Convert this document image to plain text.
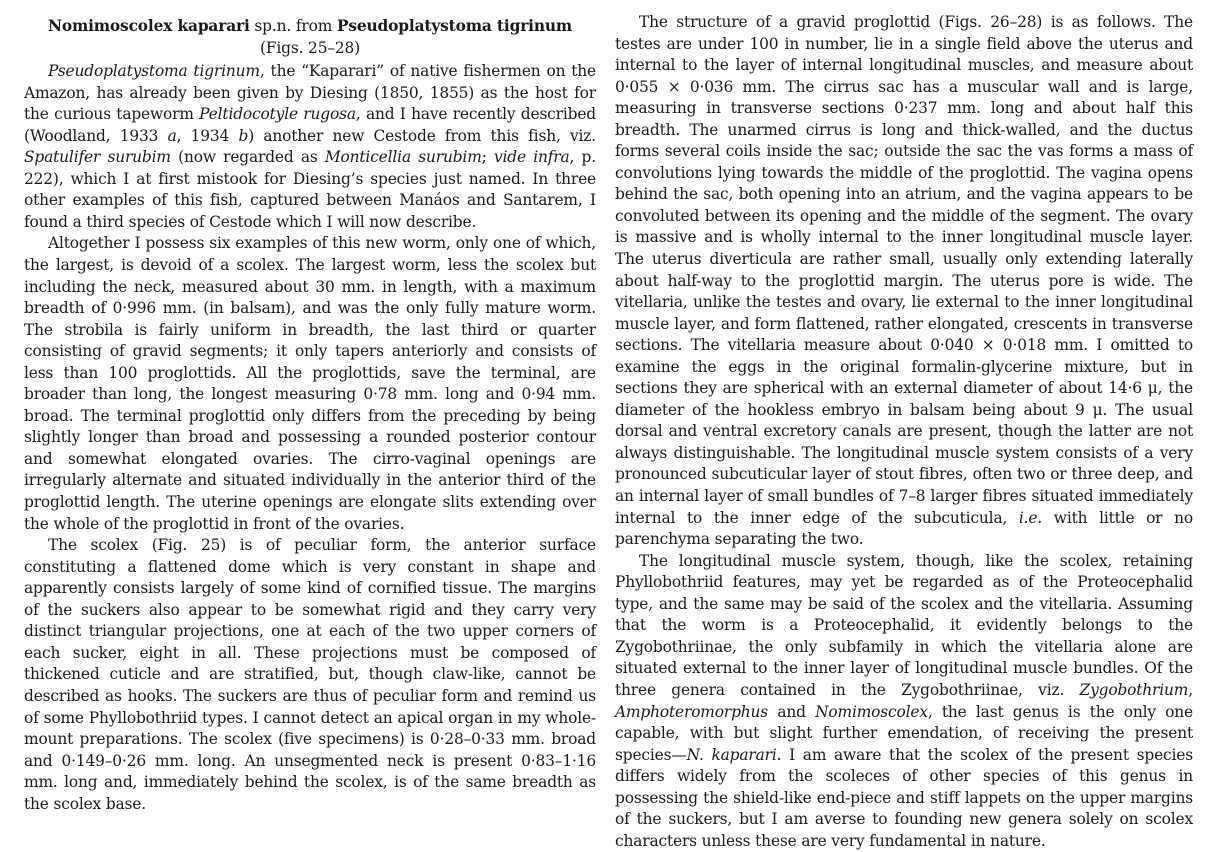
Nomimoscolex kaparari sp.n. from Pseudoplatystoma tigrinum
(Figs. 25–28)

Pseudoplatystoma tigrinum, the “Kaparari” of native fishermen on the Amazon, has already been given by Diesing (1850, 1855) as the host for the curious tapeworm Peltidocotyle rugosa, and I have recently described (Woodland, 1933 a, 1934 b) another new Cestode from this fish, viz. Spatulifer surubim (now regarded as Monticellia surubim; vide infra, p. 222), which I at first mistook for Diesing’s species just named. In three other examples of this fish, captured between Manáos and Santarem, I found a third species of Cestode which I will now describe.

Altogether I possess six examples of this new worm, only one of which, the largest, is devoid of a scolex. The largest worm, less the scolex but including the neck, measured about 30 mm. in length, with a maximum breadth of 0·996 mm. (in balsam), and was the only fully mature worm. The strobila is fairly uniform in breadth, the last third or quarter consisting of gravid segments; it only tapers anteriorly and consists of less than 100 proglottids. All the proglottids, save the terminal, are broader than long, the longest measuring 0·78 mm. long and 0·94 mm. broad. The terminal proglottid only differs from the preceding by being slightly longer than broad and possessing a rounded posterior contour and somewhat elongated ovaries. The cirro-vaginal openings are irregularly alternate and situated individually in the anterior third of the proglottid length. The uterine openings are elongate slits extending over the whole of the proglottid in front of the ovaries.

The scolex (Fig. 25) is of peculiar form, the anterior surface constituting a flattened dome which is very constant in shape and apparently consists largely of some kind of cornified tissue. The margins of the suckers also appear to be somewhat rigid and they carry very distinct triangular projections, one at each of the two upper corners of each sucker, eight in all. These projections must be composed of thickened cuticle and are stratified, but, though claw-like, cannot be described as hooks. The suckers are thus of peculiar form and remind us of some Phyllobothriid types. I cannot detect an apical organ in my whole-mount preparations. The scolex (five specimens) is 0·28–0·33 mm. broad and 0·149–0·26 mm. long. An unsegmented neck is present 0·83–1·16 mm. long and, immediately behind the scolex, is of the same breadth as the scolex base.

The structure of a gravid proglottid (Figs. 26–28) is as follows. The testes are under 100 in number, lie in a single field above the uterus and internal to the layer of internal longitudinal muscles, and measure about 0·055 × 0·036 mm. The cirrus sac has a muscular wall and is large, measuring in transverse sections 0·237 mm. long and about half this breadth. The unarmed cirrus is long and thick-walled, and the ductus forms several coils inside the sac; outside the sac the vas forms a mass of convolutions lying towards the middle of the proglottid. The vagina opens behind the sac, both opening into an atrium, and the vagina appears to be convoluted between its opening and the middle of the segment. The ovary is massive and is wholly internal to the inner longitudinal muscle layer. The uterus diverticula are rather small, usually only extending laterally about half-way to the proglottid margin. The uterus pore is wide. The vitellaria, unlike the testes and ovary, lie external to the inner longitudinal muscle layer, and form flattened, rather elongated, crescents in transverse sections. The vitellaria measure about 0·040 × 0·018 mm. I omitted to examine the eggs in the original formalin-glycerine mixture, but in sections they are spherical with an external diameter of about 14·6 μ, the diameter of the hookless embryo in balsam being about 9 μ. The usual dorsal and ventral excretory canals are present, though the latter are not always distinguishable. The longitudinal muscle system consists of a very pronounced subcuticular layer of stout fibres, often two or three deep, and an internal layer of small bundles of 7–8 larger fibres situated immediately internal to the inner edge of the subcuticula, i.e. with little or no parenchyma separating the two.

The longitudinal muscle system, though, like the scolex, retaining Phyllobothriid features, may yet be regarded as of the Proteocephalid type, and the same may be said of the scolex and the vitellaria. Assuming that the worm is a Proteocephalid, it evidently belongs to the Zygobothriinae, the only subfamily in which the vitellaria alone are situated external to the inner layer of longitudinal muscle bundles. Of the three genera contained in the Zygobothriinae, viz. Zygobothrium, Amphoteromorphus and Nomimoscolex, the last genus is the only one capable, with but slight further emendation, of receiving the present species—N. kaparari. I am aware that the scolex of the present species differs widely from the scoleces of other species of this genus in possessing the shield-like end-piece and stiff lappets on the upper margins of the suckers, but I am averse to founding new genera solely on scolex characters unless these are very fundamental in nature.
